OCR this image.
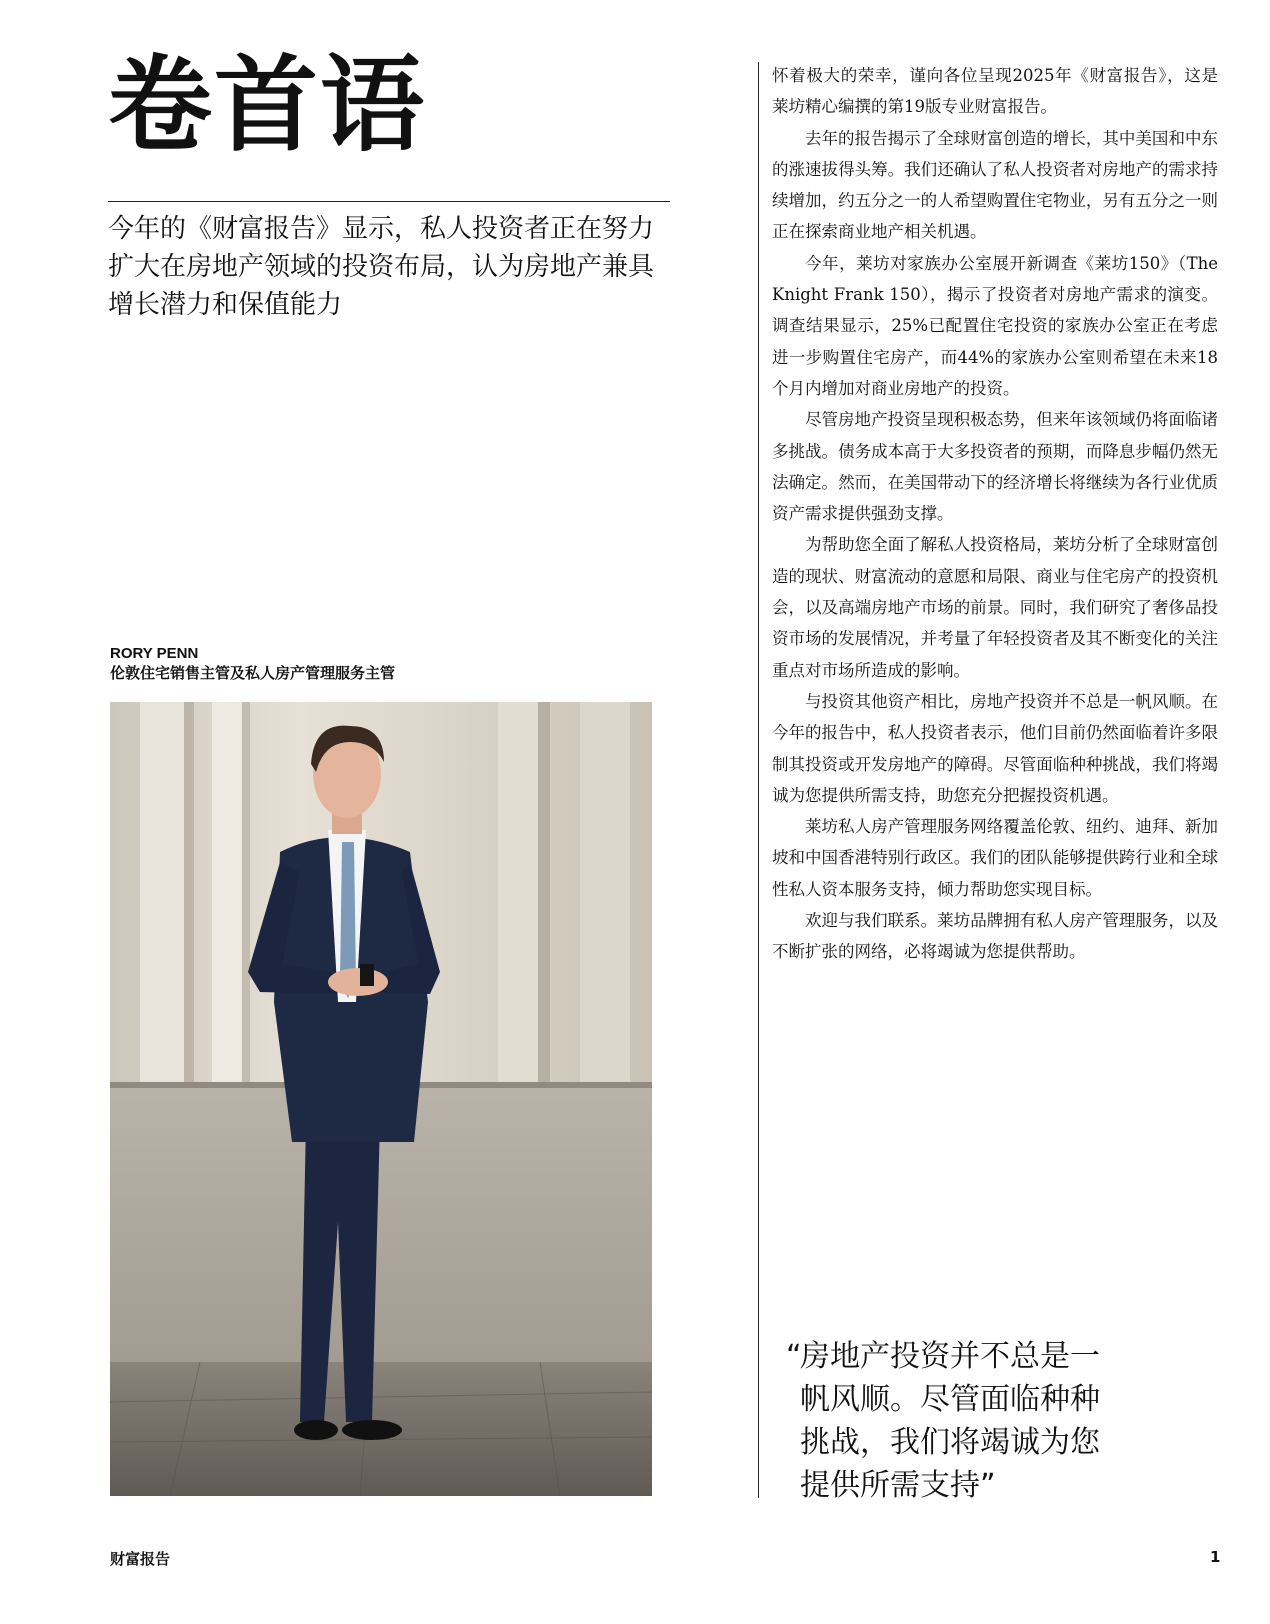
卷首语

今年的《财富报告》显示，私人投资者正在努力扩大在房地产领域的投资布局，认为房地产兼具增长潜力和保值能力

RORY PENN
伦敦住宅销售主管及私人房产管理服务主管

怀着极大的荣幸，谨向各位呈现2025年《财富报告》，这是莱坊精心编撰的第19版专业财富报告。

去年的报告揭示了全球财富创造的增长，其中美国和中东的涨速拔得头筹。我们还确认了私人投资者对房地产的需求持续增加，约五分之一的人希望购置住宅物业，另有五分之一则正在探索商业地产相关机遇。

今年，莱坊对家族办公室展开新调查《莱坊150》（The Knight Frank 150），揭示了投资者对房地产需求的演变。调查结果显示，25%已配置住宅投资的家族办公室正在考虑进一步购置住宅房产，而44%的家族办公室则希望在未来18个月内增加对商业房地产的投资。

尽管房地产投资呈现积极态势，但来年该领域仍将面临诸多挑战。债务成本高于大多投资者的预期，而降息步幅仍然无法确定。然而，在美国带动下的经济增长将继续为各行业优质资产需求提供强劲支撑。

为帮助您全面了解私人投资格局，莱坊分析了全球财富创造的现状、财富流动的意愿和局限、商业与住宅房产的投资机会，以及高端房地产市场的前景。同时，我们研究了奢侈品投资市场的发展情况，并考量了年轻投资者及其不断变化的关注重点对市场所造成的影响。

与投资其他资产相比，房地产投资并不总是一帆风顺。在今年的报告中，私人投资者表示，他们目前仍然面临着许多限制其投资或开发房地产的障碍。尽管面临种种挑战，我们将竭诚为您提供所需支持，助您充分把握投资机遇。

莱坊私人房产管理服务网络覆盖伦敦、纽约、迪拜、新加坡和中国香港特别行政区。我们的团队能够提供跨行业和全球性私人资本服务支持，倾力帮助您实现目标。

欢迎与我们联系。莱坊品牌拥有私人房产管理服务，以及不断扩张的网络，必将竭诚为您提供帮助。

“
房地产投资并不总是一帆风顺。尽管面临种种挑战，我们将竭诚为您提供所需支持”
财富报告	1
